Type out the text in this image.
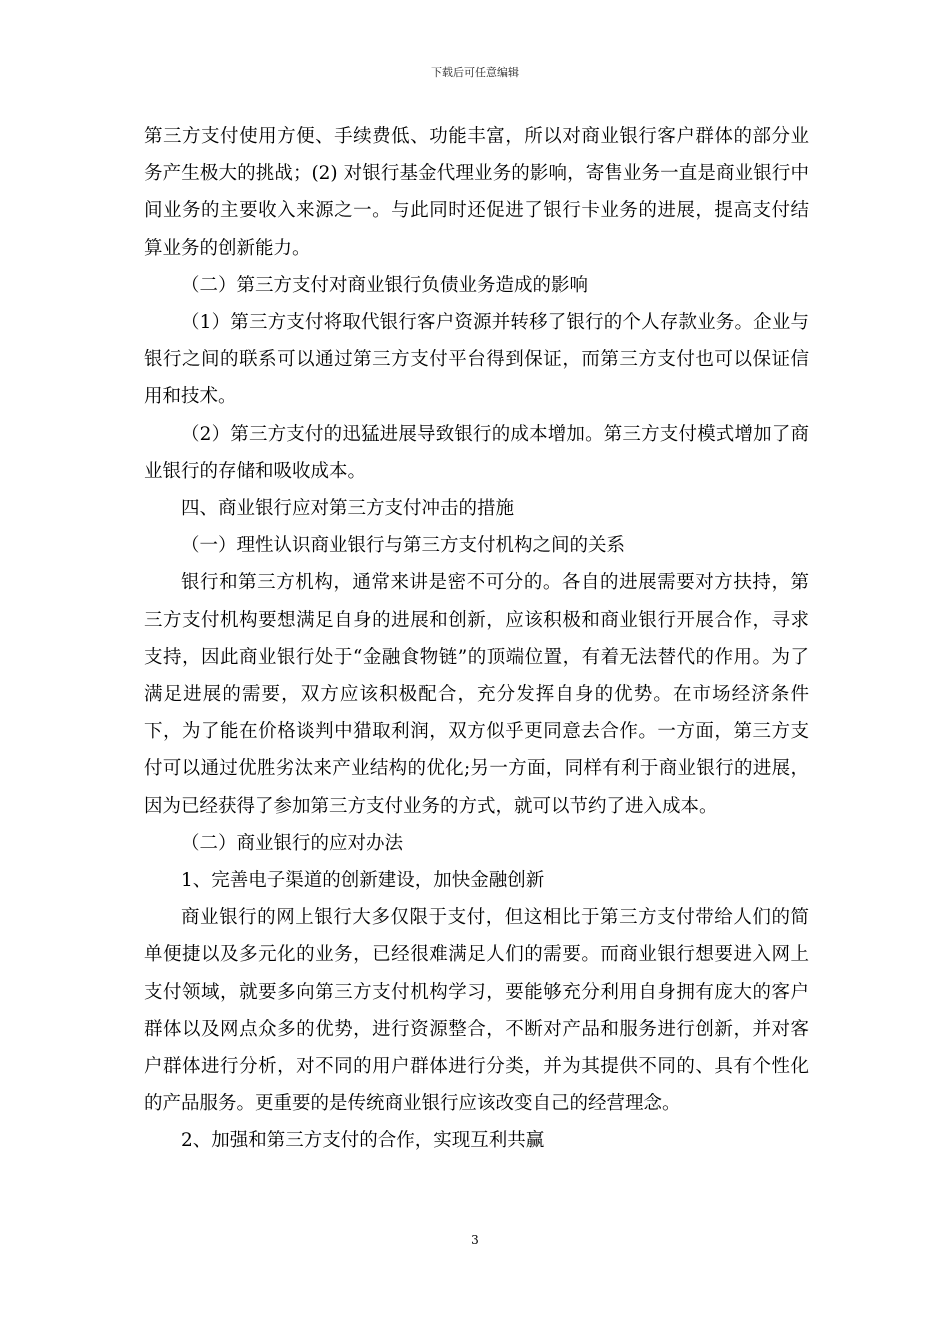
下载后可任意编辑

第三方支付使用方便、手续费低、功能丰富，所以对商业银行客户群体的部分业务产生极大的挑战；(2) 对银行基金代理业务的影响，寄售业务一直是商业银行中间业务的主要收入来源之一。与此同时还促进了银行卡业务的进展，提高支付结算业务的创新能力。

（二）第三方支付对商业银行负债业务造成的影响

（1）第三方支付将取代银行客户资源并转移了银行的个人存款业务。企业与银行之间的联系可以通过第三方支付平台得到保证，而第三方支付也可以保证信用和技术。

（2）第三方支付的迅猛进展导致银行的成本增加。第三方支付模式增加了商业银行的存储和吸收成本。

四、商业银行应对第三方支付冲击的措施

（一）理性认识商业银行与第三方支付机构之间的关系

银行和第三方机构，通常来讲是密不可分的。各自的进展需要对方扶持，第三方支付机构要想满足自身的进展和创新，应该积极和商业银行开展合作，寻求支持，因此商业银行处于“金融食物链”的顶端位置，有着无法替代的作用。为了满足进展的需要，双方应该积极配合，充分发挥自身的优势。在市场经济条件下，为了能在价格谈判中猎取利润，双方似乎更同意去合作。一方面，第三方支付可以通过优胜劣汰来产业结构的优化;另一方面，同样有利于商业银行的进展，因为已经获得了参加第三方支付业务的方式，就可以节约了进入成本。

（二）商业银行的应对办法

1、完善电子渠道的创新建设，加快金融创新

商业银行的网上银行大多仅限于支付，但这相比于第三方支付带给人们的简单便捷以及多元化的业务，已经很难满足人们的需要。而商业银行想要进入网上支付领域，就要多向第三方支付机构学习，要能够充分利用自身拥有庞大的客户群体以及网点众多的优势，进行资源整合，不断对产品和服务进行创新，并对客户群体进行分析，对不同的用户群体进行分类，并为其提供不同的、具有个性化的产品服务。更重要的是传统商业银行应该改变自己的经营理念。

2、加强和第三方支付的合作，实现互利共赢

3
